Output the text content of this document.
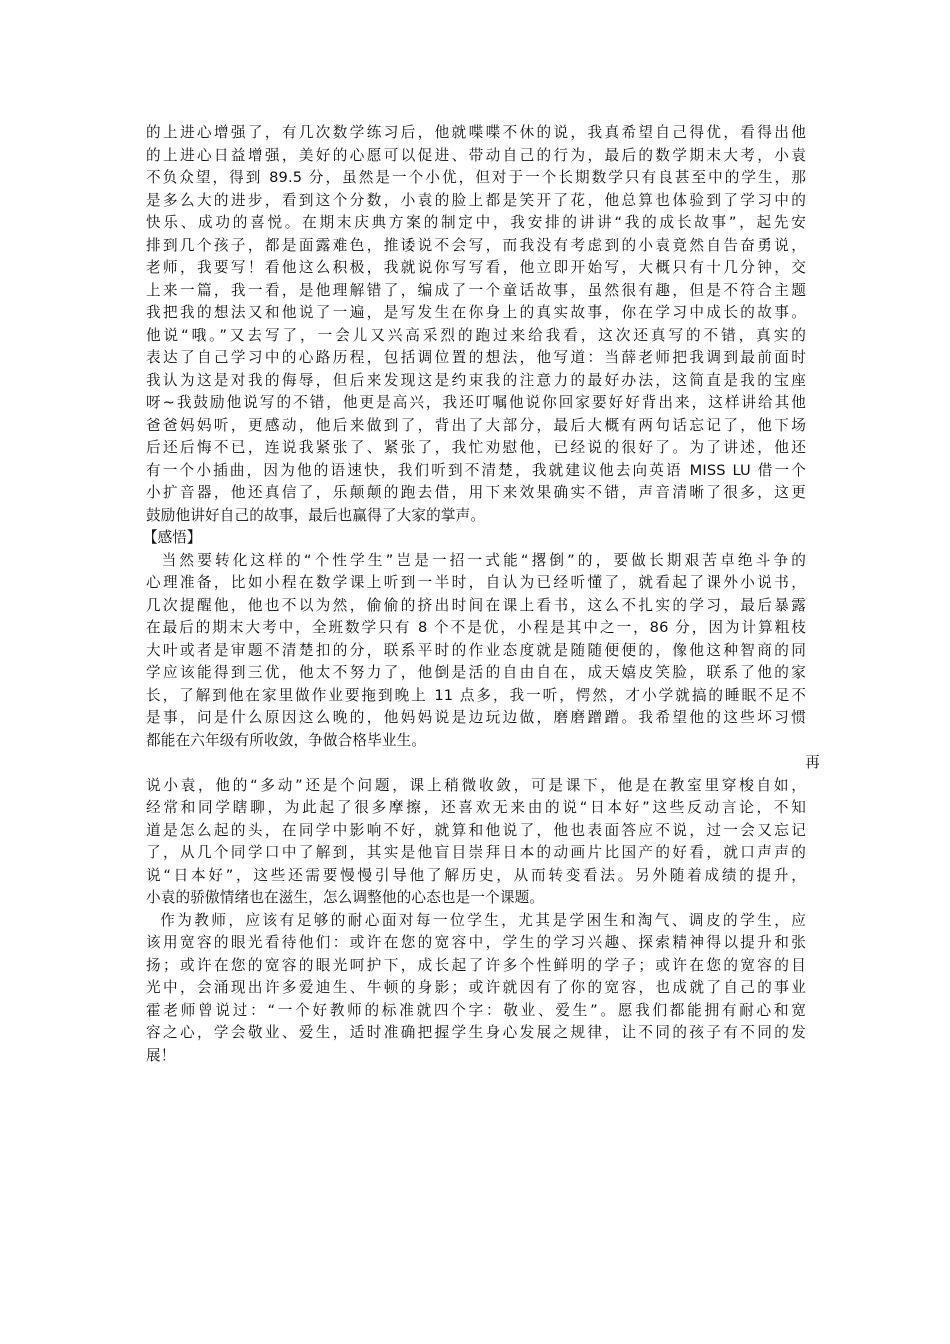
的上进心增强了，有几次数学练习后，他就喋喋不休的说，我真希望自己得优，看得出他
的上进心日益增强，美好的心愿可以促进、带动自己的行为，最后的数学期末大考，小袁
不负众望，得到 89.5 分，虽然是一个小优，但对于一个长期数学只有良甚至中的学生，那
是多么大的进步，看到这个分数，小袁的脸上都是笑开了花，他总算也体验到了学习中的
快乐、成功的喜悦。在期末庆典方案的制定中，我安排的讲讲“我的成长故事”，起先安
排到几个孩子，都是面露难色，推诿说不会写，而我没有考虑到的小袁竟然自告奋勇说，
老师，我要写！看他这么积极，我就说你写写看，他立即开始写，大概只有十几分钟，交
上来一篇，我一看，是他理解错了，编成了一个童话故事，虽然很有趣，但是不符合主题
我把我的想法又和他说了一遍，是写发生在你身上的真实故事，你在学习中成长的故事。
他说“哦。”又去写了，一会儿又兴高采烈的跑过来给我看，这次还真写的不错，真实的
表达了自己学习中的心路历程，包括调位置的想法，他写道：当薛老师把我调到最前面时
我认为这是对我的侮辱，但后来发现这是约束我的注意力的最好办法，这简直是我的宝座
呀~我鼓励他说写的不错，他更是高兴，我还叮嘱他说你回家要好好背出来，这样讲给其他
爸爸妈妈听，更感动，他后来做到了，背出了大部分，最后大概有两句话忘记了，他下场
后还后悔不已，连说我紧张了、紧张了，我忙劝慰他，已经说的很好了。为了讲述，他还
有一个小插曲，因为他的语速快，我们听到不清楚，我就建议他去向英语 MISS LU 借一个
小扩音器，他还真信了，乐颠颠的跑去借，用下来效果确实不错，声音清晰了很多，这更
鼓励他讲好自己的故事，最后也赢得了大家的掌声。
【感悟】
当然要转化这样的“个性学生”岂是一招一式能“撂倒”的，要做长期艰苦卓绝斗争的
心理准备，比如小程在数学课上听到一半时，自认为已经听懂了，就看起了课外小说书，
几次提醒他，他也不以为然，偷偷的挤出时间在课上看书，这么不扎实的学习，最后暴露
在最后的期末大考中，全班数学只有 8 个不是优，小程是其中之一，86 分，因为计算粗枝
大叶或者是审题不清楚扣的分，联系平时的作业态度就是随随便便的，像他这种智商的同
学应该能得到三优，他太不努力了，他倒是活的自由自在，成天嬉皮笑脸，联系了他的家
长，了解到他在家里做作业要拖到晚上 11 点多，我一听，愕然，才小学就搞的睡眠不足不
是事，问是什么原因这么晚的，他妈妈说是边玩边做，磨磨蹭蹭。我希望他的这些坏习惯
都能在六年级有所收敛，争做合格毕业生。
再
说小袁，他的“多动”还是个问题，课上稍微收敛，可是课下，他是在教室里穿梭自如，
经常和同学瞎聊，为此起了很多摩擦，还喜欢无来由的说“日本好”这些反动言论，不知
道是怎么起的头，在同学中影响不好，就算和他说了，他也表面答应不说，过一会又忘记
了，从几个同学口中了解到，其实是他盲目崇拜日本的动画片比国产的好看，就口声声的
说“日本好”，这些还需要慢慢引导他了解历史，从而转变看法。另外随着成绩的提升，
小袁的骄傲情绪也在滋生，怎么调整他的心态也是一个课题。
作为教师，应该有足够的耐心面对每一位学生，尤其是学困生和淘气、调皮的学生，应
该用宽容的眼光看待他们：或许在您的宽容中，学生的学习兴趣、探索精神得以提升和张
扬；或许在您的宽容的眼光呵护下，成长起了许多个性鲜明的学子；或许在您的宽容的目
光中，会涌现出许多爱迪生、牛顿的身影；或许就因有了你的宽容，也成就了自己的事业
霍老师曾说过：“一个好教师的标准就四个字：敬业、爱生”。愿我们都能拥有耐心和宽
容之心，学会敬业、爱生，适时准确把握学生身心发展之规律，让不同的孩子有不同的发
展！
